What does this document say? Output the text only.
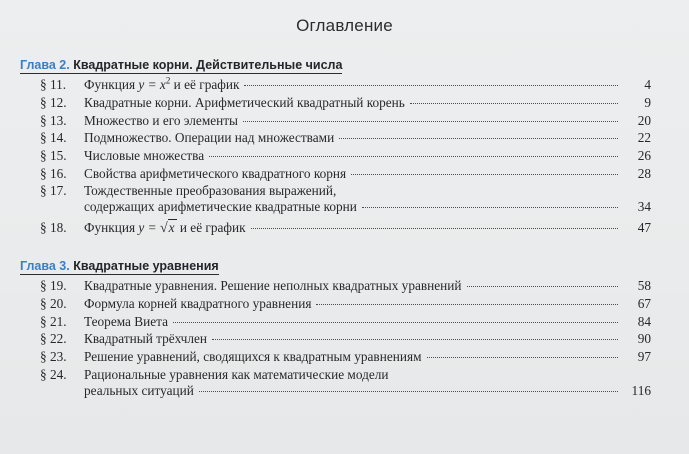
Оглавление
Глава 2. Квадратные корни. Действительные числа
§ 11.	Функция $y = x^2$ и её график	4
§ 12.	Квадратные корни. Арифметический квадратный корень	9
§ 13.	Множество и его элементы	20
§ 14.	Подмножество. Операции над множествами	22
§ 15.	Числовые множества	26
§ 16.	Свойства арифметического квадратного корня	28
§ 17.	Тождественные преобразования выражений,
содержащих арифметические квадратные корни	34
§ 18.	Функция y = √x и её график	47
Глава 3. Квадратные уравнения
§ 19.	Квадратные уравнения. Решение неполных квадратных уравнений	58
§ 20.	Формула корней квадратного уравнения	67
§ 21.	Теорема Виета	84
§ 22.	Квадратный трёхчлен	90
§ 23.	Решение уравнений, сводящихся к квадратным уравнениям	97
§ 24.	Рациональные уравнения как математические модели
реальных ситуаций	116
